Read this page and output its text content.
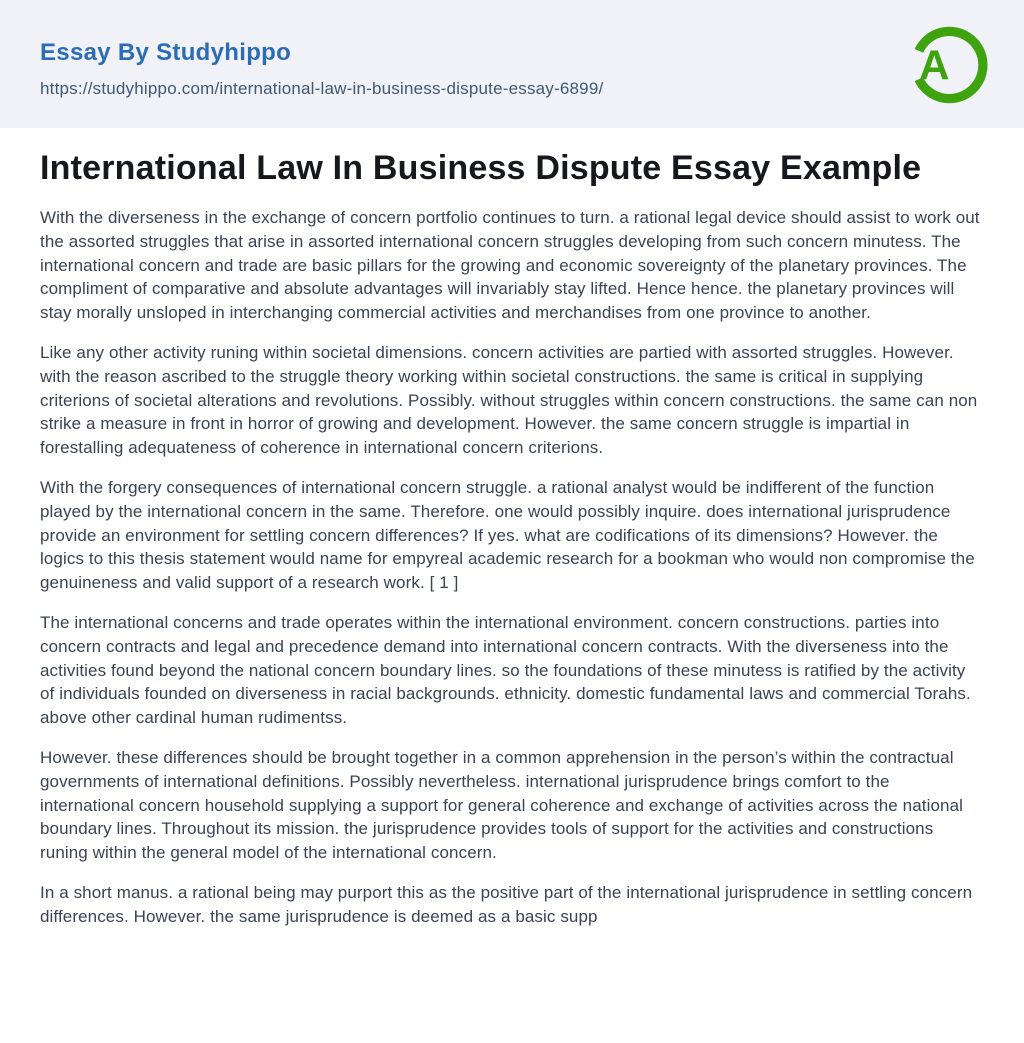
Essay By Studyhippo
https://studyhippo.com/international-law-in-business-dispute-essay-6899/
A
International Law In Business Dispute Essay Example

With the diverseness in the exchange of concern portfolio continues to turn. a rational legal device should assist to work out the assorted struggles that arise in assorted international concern struggles developing from such concern minutess. The international concern and trade are basic pillars for the growing and economic sovereignty of the planetary provinces. The compliment of comparative and absolute advantages will invariably stay lifted. Hence hence. the planetary provinces will stay morally unsloped in interchanging commercial activities and merchandises from one province to another.

Like any other activity runing within societal dimensions. concern activities are partied with assorted struggles. However. with the reason ascribed to the struggle theory working within societal constructions. the same is critical in supplying criterions of societal alterations and revolutions. Possibly. without struggles within concern constructions. the same can non strike a measure in front in horror of growing and development. However. the same concern struggle is impartial in forestalling adequateness of coherence in international concern criterions.

With the forgery consequences of international concern struggle. a rational analyst would be indifferent of the function played by the international concern in the same. Therefore. one would possibly inquire. does international jurisprudence provide an environment for settling concern differences? If yes. what are codifications of its dimensions? However. the logics to this thesis statement would name for empyreal academic research for a bookman who would non compromise the genuineness and valid support of a research work. [ 1 ]

The international concerns and trade operates within the international environment. concern constructions. parties into concern contracts and legal and precedence demand into international concern contracts. With the diverseness into the activities found beyond the national concern boundary lines. so the foundations of these minutess is ratified by the activity of individuals founded on diverseness in racial backgrounds. ethnicity. domestic fundamental laws and commercial Torahs. above other cardinal human rudimentss.

However. these differences should be brought together in a common apprehension in the person’s within the contractual governments of international definitions. Possibly nevertheless. international jurisprudence brings comfort to the international concern household supplying a support for general coherence and exchange of activities across the national boundary lines. Throughout its mission. the jurisprudence provides tools of support for the activities and constructions runing within the general model of the international concern.

In a short manus. a rational being may purport this as the positive part of the international jurisprudence in settling concern differences. However. the same jurisprudence is deemed as a basic supp
